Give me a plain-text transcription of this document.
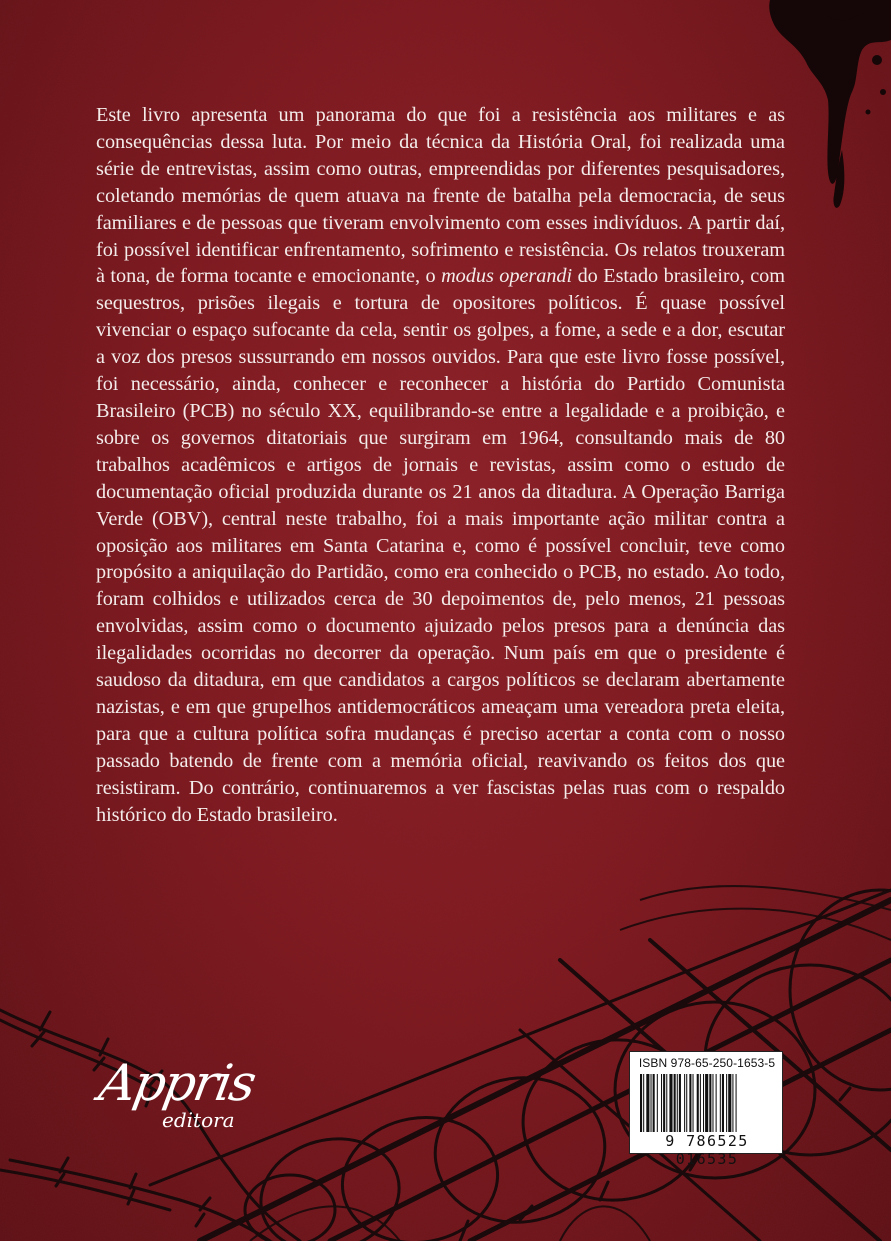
Este livro apresenta um panorama do que foi a resistência aos militares e as consequências dessa luta. Por meio da técnica da História Oral, foi realizada uma série de entrevistas, assim como outras, empreendidas por diferentes pesquisadores, coletando memórias de quem atuava na frente de batalha pela democracia, de seus familiares e de pessoas que tiveram envolvimento com esses indivíduos. A partir daí, foi possível identificar enfrentamento, sofrimento e resistência. Os relatos trouxeram à tona, de forma tocante e emocionante, o modus operandi do Estado brasileiro, com sequestros, prisões ilegais e tortura de opositores políticos. É quase possível vivenciar o espaço sufocante da cela, sentir os golpes, a fome, a sede e a dor, escutar a voz dos presos sussurrando em nossos ouvidos. Para que este livro fosse possível, foi necessário, ainda, conhecer e reconhecer a história do Partido Comunista Brasileiro (PCB) no século XX, equilibrando-se entre a legalidade e a proibição, e sobre os governos ditatoriais que surgiram em 1964, consultando mais de 80 trabalhos acadêmicos e artigos de jornais e revistas, assim como o estudo de documentação oficial produzida durante os 21 anos da ditadura. A Operação Barriga Verde (OBV), central neste trabalho, foi a mais importante ação militar contra a oposição aos militares em Santa Catarina e, como é possível concluir, teve como propósito a aniquilação do Partidão, como era conhecido o PCB, no estado. Ao todo, foram colhidos e utilizados cerca de 30 depoimentos de, pelo menos, 21 pessoas envolvidas, assim como o documento ajuizado pelos presos para a denúncia das ilegalidades ocorridas no decorrer da operação. Num país em que o presidente é saudoso da ditadura, em que candidatos a cargos políticos se declaram abertamente nazistas, e em que grupelhos antidemocráticos ameaçam uma vereadora preta eleita, para que a cultura política sofra mudanças é preciso acertar a conta com o nosso passado batendo de frente com a memória oficial, reavivando os feitos dos que resistiram. Do contrário, continuaremos a ver fascistas pelas ruas com o respaldo histórico do Estado brasileiro.

Appris
editora
ISBN 978-65-250-1653-5
9 786525 016535
